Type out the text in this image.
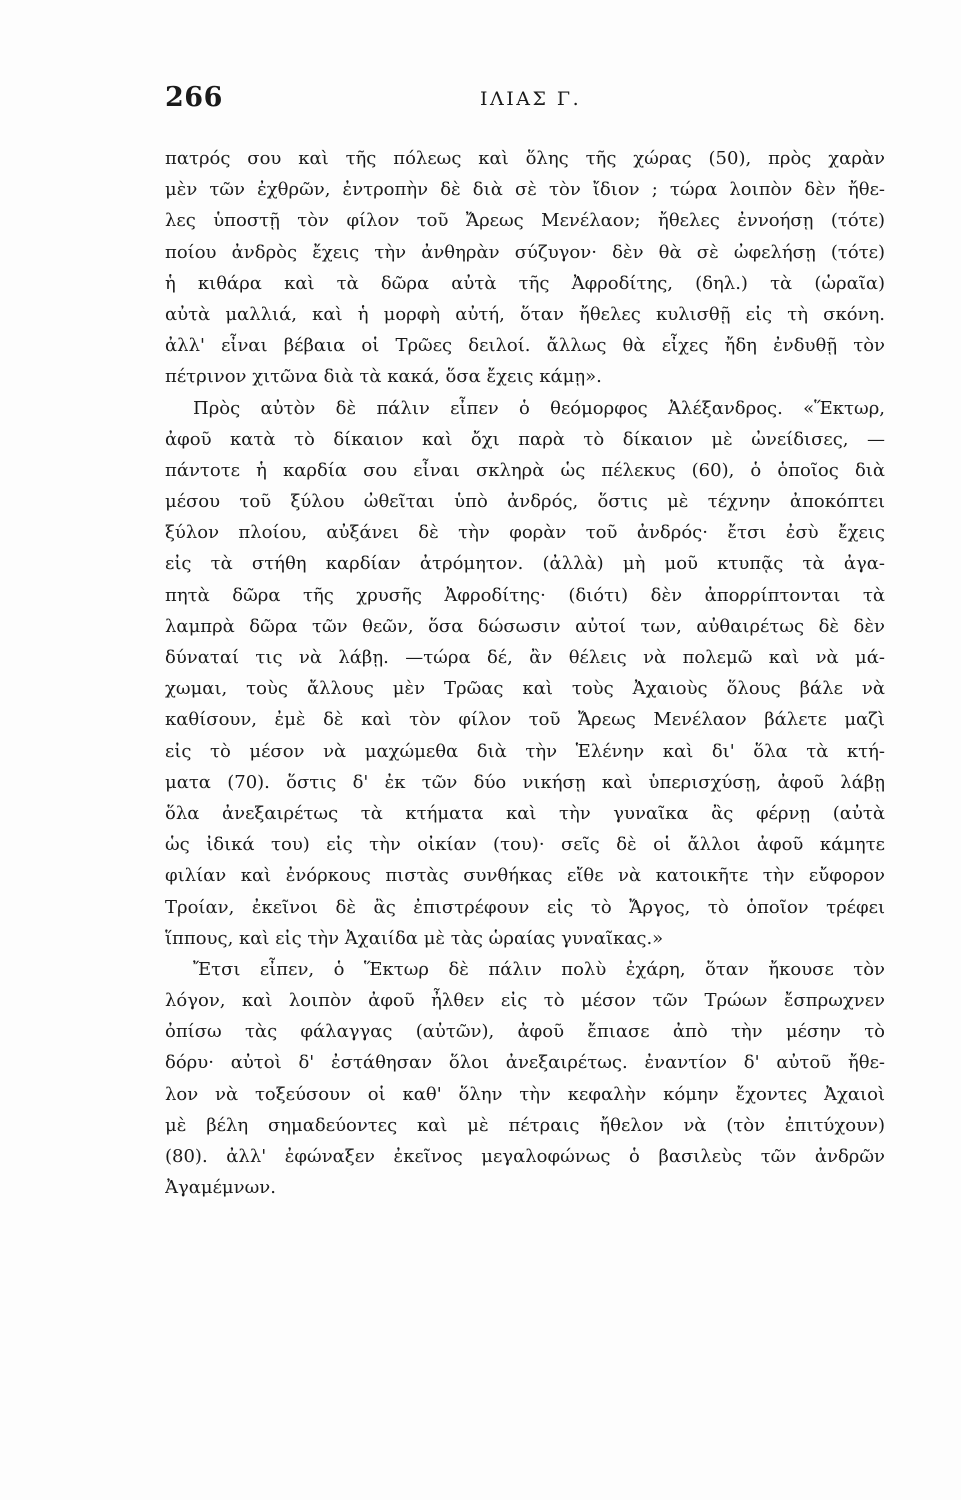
266	ΙΛΙΑΣ Γ.
πατρός σου καὶ τῆς πόλεως καὶ ὅλης τῆς χώρας (50), πρὸς χαρὰν
μὲν τῶν ἐχθρῶν, ἐντροπὴν δὲ διὰ σὲ τὸν ἴδιον ; τώρα λοιπὸν δὲν ἤθε-
λες ὑποστῇ τὸν φίλον τοῦ Ἄρεως Μενέλαον; ἤθελες ἐννοήσῃ (τότε)
ποίου ἀνδρὸς ἔχεις τὴν ἀνθηρὰν σύζυγον· δὲν θὰ σὲ ὠφελήσῃ (τότε)
ἡ κιθάρα καὶ τὰ δῶρα αὐτὰ τῆς Ἀφροδίτης, (δηλ.) τὰ (ὡραῖα)
αὐτὰ μαλλιά, καὶ ἡ μορφὴ αὐτή, ὅταν ἤθελες κυλισθῇ εἰς τὴ σκόνη.
ἀλλ' εἶναι βέβαια οἱ Τρῶες δειλοί. ἄλλως θὰ εἶχες ἤδη ἐνδυθῇ τὸν
πέτρινον χιτῶνα διὰ τὰ κακά, ὅσα ἔχεις κάμῃ».
Πρὸς αὐτὸν δὲ πάλιν εἶπεν ὁ θεόμορφος Ἀλέξανδρος. «Ἕκτωρ,
ἀφοῦ κατὰ τὸ δίκαιον καὶ ὄχι παρὰ τὸ δίκαιον μὲ ὠνείδισες, —
πάντοτε ἡ καρδία σου εἶναι σκληρὰ ὡς πέλεκυς (60), ὁ ὁποῖος διὰ
μέσου τοῦ ξύλου ὠθεῖται ὑπὸ ἀνδρός, ὅστις μὲ τέχνην ἀποκόπτει
ξύλον πλοίου, αὐξάνει δὲ τὴν φορὰν τοῦ ἀνδρός· ἔτσι ἐσὺ ἔχεις
εἰς τὰ στήθη καρδίαν ἀτρόμητον. (ἀλλὰ) μὴ μοῦ κτυπᾷς τὰ ἀγα-
πητὰ δῶρα τῆς χρυσῆς Ἀφροδίτης· (διότι) δὲν ἀπορρίπτονται τὰ
λαμπρὰ δῶρα τῶν θεῶν, ὅσα δώσωσιν αὐτοί των, αὐθαιρέτως δὲ δὲν
δύναταί τις νὰ λάβῃ. —τώρα δέ, ἂν θέλεις νὰ πολεμῶ καὶ νὰ μά-
χωμαι, τοὺς ἄλλους μὲν Τρῶας καὶ τοὺς Ἀχαιοὺς ὅλους βάλε νὰ
καθίσουν, ἐμὲ δὲ καὶ τὸν φίλον τοῦ Ἄρεως Μενέλαον βάλετε μαζὶ
εἰς τὸ μέσον νὰ μαχώμεθα διὰ τὴν Ἑλένην καὶ δι' ὅλα τὰ κτή-
ματα (70). ὅστις δ' ἐκ τῶν δύο νικήσῃ καὶ ὑπερισχύσῃ, ἀφοῦ λάβῃ
ὅλα ἀνεξαιρέτως τὰ κτήματα καὶ τὴν γυναῖκα ἂς φέρνῃ (αὐτὰ
ὡς ἰδικά του) εἰς τὴν οἰκίαν (του)· σεῖς δὲ οἱ ἄλλοι ἀφοῦ κάμητε
φιλίαν καὶ ἐνόρκους πιστὰς συνθήκας εἴθε νὰ κατοικῆτε τὴν εὔφορον
Τροίαν, ἐκεῖνοι δὲ ἂς ἐπιστρέφουν εἰς τὸ Ἄργος, τὸ ὁποῖον τρέφει
ἵππους, καὶ εἰς τὴν Ἀχαιίδα μὲ τὰς ὡραίας γυναῖκας.»
Ἔτσι εἶπεν, ὁ Ἕκτωρ δὲ πάλιν πολὺ ἐχάρη, ὅταν ἤκουσε τὸν
λόγον, καὶ λοιπὸν ἀφοῦ ἦλθεν εἰς τὸ μέσον τῶν Τρώων ἔσπρωχνεν
ὀπίσω τὰς φάλαγγας (αὐτῶν), ἀφοῦ ἔπιασε ἀπὸ τὴν μέσην τὸ
δόρυ· αὐτοὶ δ' ἐστάθησαν ὅλοι ἀνεξαιρέτως. ἐναντίον δ' αὐτοῦ ἤθε-
λον νὰ τοξεύσουν οἱ καθ' ὅλην τὴν κεφαλὴν κόμην ἔχοντες Ἀχαιοὶ
μὲ βέλη σημαδεύοντες καὶ μὲ πέτραις ἤθελον νὰ (τὸν ἐπιτύχουν)
(80). ἀλλ' ἐφώναξεν ἐκεῖνος μεγαλοφώνως ὁ βασιλεὺς τῶν ἀνδρῶν
Ἀγαμέμνων.
